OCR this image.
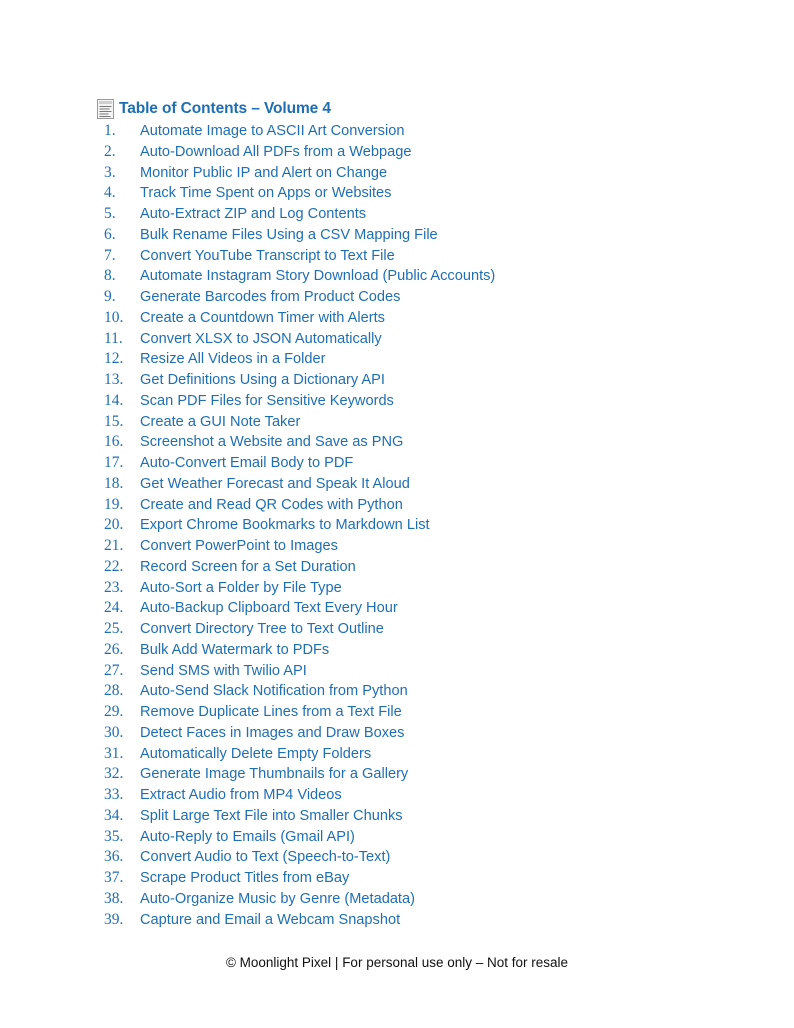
Table of Contents – Volume 4
1.	Automate Image to ASCII Art Conversion
2.	Auto-Download All PDFs from a Webpage
3.	Monitor Public IP and Alert on Change
4.	Track Time Spent on Apps or Websites
5.	Auto-Extract ZIP and Log Contents
6.	Bulk Rename Files Using a CSV Mapping File
7.	Convert YouTube Transcript to Text File
8.	Automate Instagram Story Download (Public Accounts)
9.	Generate Barcodes from Product Codes
10.	Create a Countdown Timer with Alerts
11.	Convert XLSX to JSON Automatically
12.	Resize All Videos in a Folder
13.	Get Definitions Using a Dictionary API
14.	Scan PDF Files for Sensitive Keywords
15.	Create a GUI Note Taker
16.	Screenshot a Website and Save as PNG
17.	Auto-Convert Email Body to PDF
18.	Get Weather Forecast and Speak It Aloud
19.	Create and Read QR Codes with Python
20.	Export Chrome Bookmarks to Markdown List
21.	Convert PowerPoint to Images
22.	Record Screen for a Set Duration
23.	Auto-Sort a Folder by File Type
24.	Auto-Backup Clipboard Text Every Hour
25.	Convert Directory Tree to Text Outline
26.	Bulk Add Watermark to PDFs
27.	Send SMS with Twilio API
28.	Auto-Send Slack Notification from Python
29.	Remove Duplicate Lines from a Text File
30.	Detect Faces in Images and Draw Boxes
31.	Automatically Delete Empty Folders
32.	Generate Image Thumbnails for a Gallery
33.	Extract Audio from MP4 Videos
34.	Split Large Text File into Smaller Chunks
35.	Auto-Reply to Emails (Gmail API)
36.	Convert Audio to Text (Speech-to-Text)
37.	Scrape Product Titles from eBay
38.	Auto-Organize Music by Genre (Metadata)
39.	Capture and Email a Webcam Snapshot
© Moonlight Pixel | For personal use only – Not for resale
